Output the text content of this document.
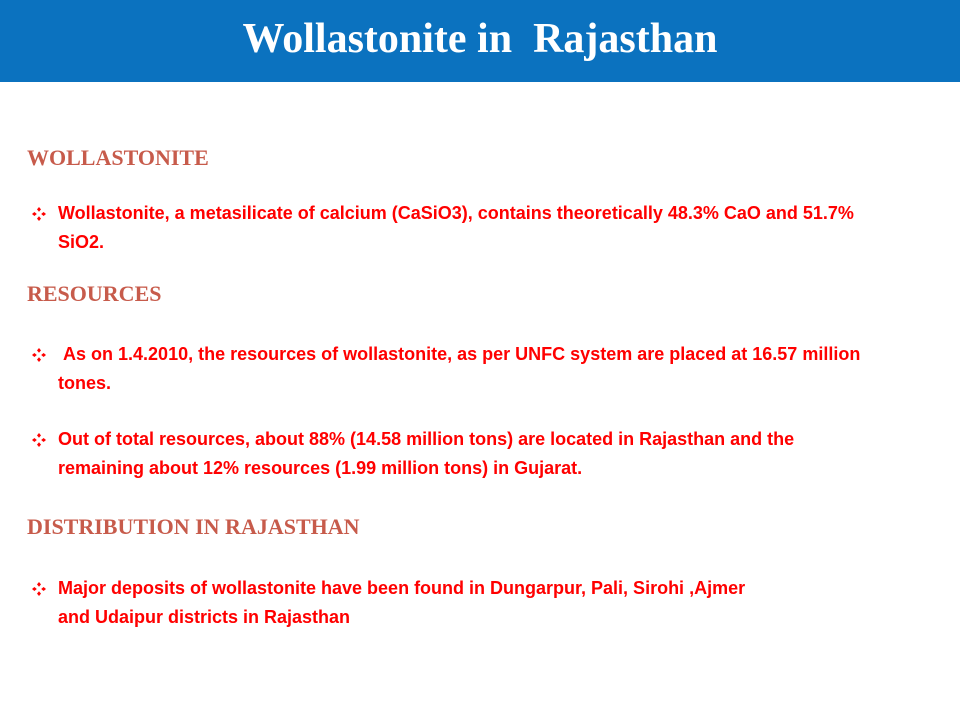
Wollastonite in  Rajasthan
WOLLASTONITE
Wollastonite, a metasilicate of calcium (CaSiO3), contains theoretically 48.3% CaO and 51.7% SiO2.
RESOURCES
As on 1.4.2010, the resources of wollastonite, as per UNFC system are placed at 16.57 million tones.
Out of total resources, about 88% (14.58 million tons) are located in Rajasthan and the remaining about 12% resources (1.99 million tons) in Gujarat.
DISTRIBUTION IN RAJASTHAN
Major deposits of wollastonite have been found in Dungarpur, Pali, Sirohi ,Ajmer and Udaipur districts in Rajasthan
